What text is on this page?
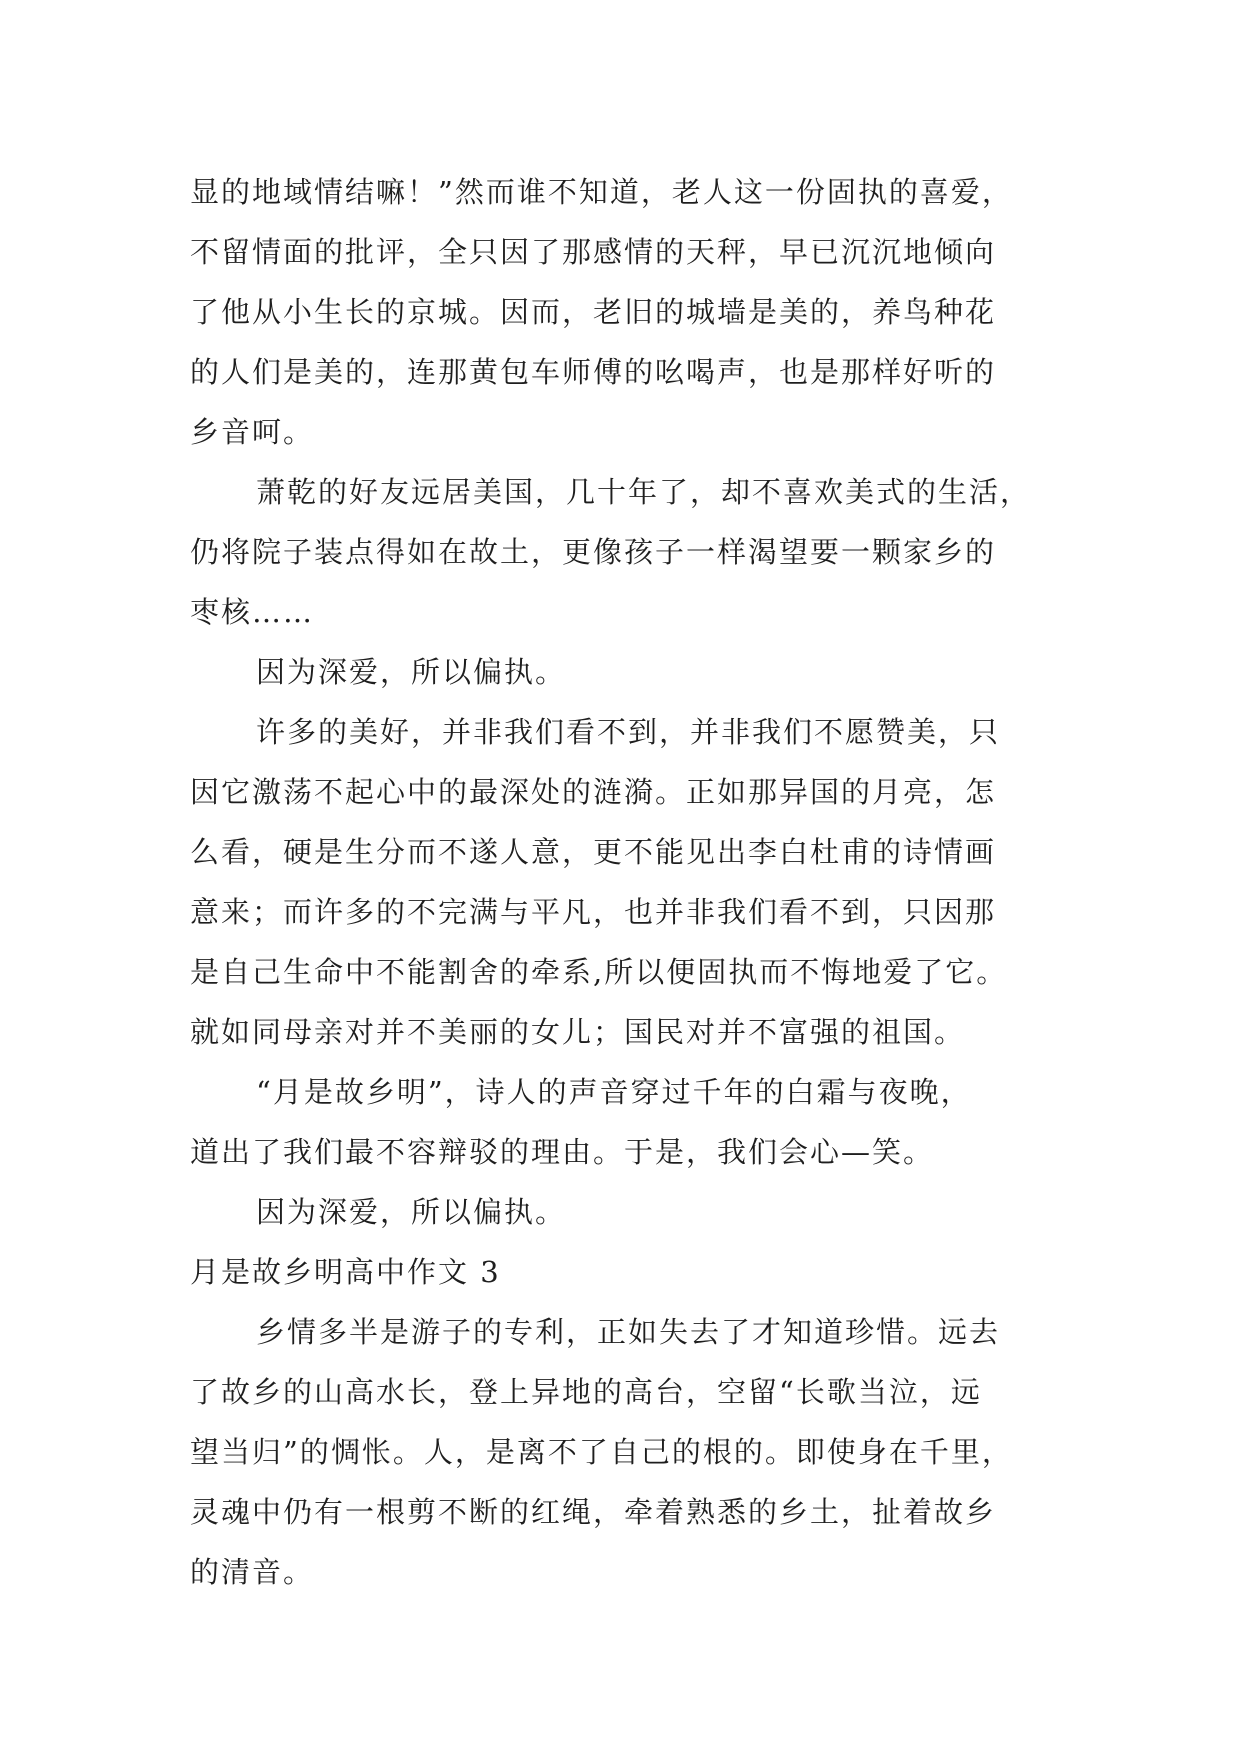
显的地域情结嘛！”然而谁不知道，老人这一份固执的喜爱，
不留情面的批评，全只因了那感情的天秤，早已沉沉地倾向
了他从小生长的京城。因而，老旧的城墙是美的，养鸟种花
的人们是美的，连那黄包车师傅的吆喝声，也是那样好听的
乡音呵。
萧乾的好友远居美国，几十年了，却不喜欢美式的生活，
仍将院子装点得如在故土，更像孩子一样渴望要一颗家乡的
枣核……
因为深爱，所以偏执。
许多的美好，并非我们看不到，并非我们不愿赞美，只
因它激荡不起心中的最深处的涟漪。正如那异国的月亮，怎
么看，硬是生分而不遂人意，更不能见出李白杜甫的诗情画
意来；而许多的不完满与平凡，也并非我们看不到，只因那
是自己生命中不能割舍的牵系,所以便固执而不悔地爱了它。
就如同母亲对并不美丽的女儿；国民对并不富强的祖国。
“月是故乡明”，诗人的声音穿过千年的白霜与夜晚，
道出了我们最不容辩驳的理由。于是，我们会心—笑。
因为深爱，所以偏执。
月是故乡明高中作文 3
乡情多半是游子的专利，正如失去了才知道珍惜。远去
了故乡的山高水长，登上异地的高台，空留“长歌当泣，远
望当归”的惆怅。人，是离不了自己的根的。即使身在千里，
灵魂中仍有一根剪不断的红绳，牵着熟悉的乡土，扯着故乡
的清音。
